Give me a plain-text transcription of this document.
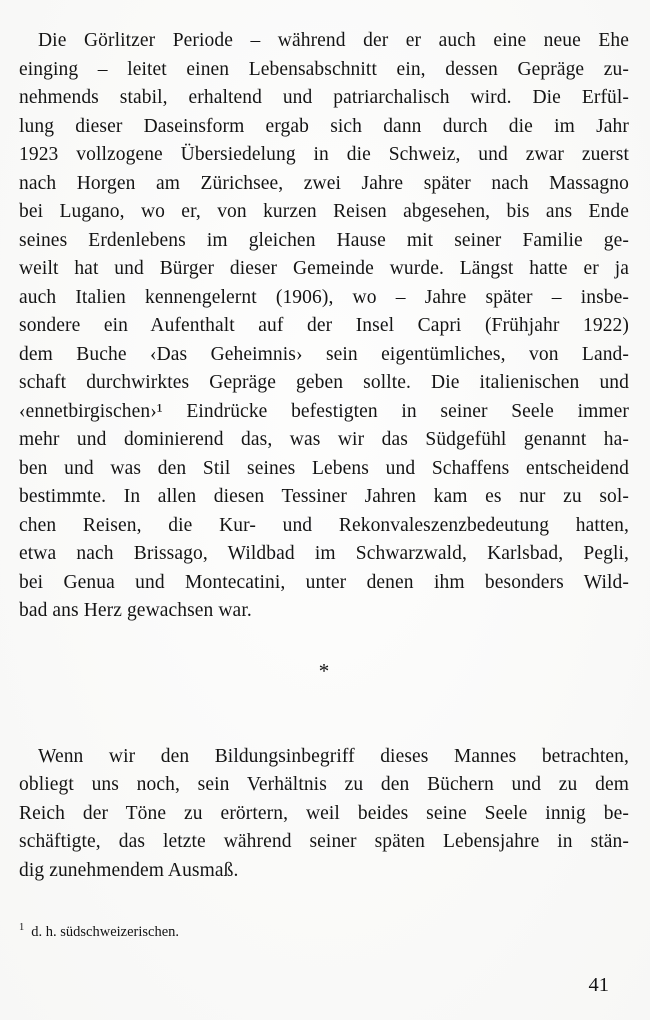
Die Görlitzer Periode – während der er auch eine neue Ehe
einging – leitet einen Lebensabschnitt ein, dessen Gepräge zu-
nehmends stabil, erhaltend und patriarchalisch wird. Die Erfül-
lung dieser Daseinsform ergab sich dann durch die im Jahr
1923 vollzogene Übersiedelung in die Schweiz, und zwar zuerst
nach Horgen am Zürichsee, zwei Jahre später nach Massagno
bei Lugano, wo er, von kurzen Reisen abgesehen, bis ans Ende
seines Erdenlebens im gleichen Hause mit seiner Familie ge-
weilt hat und Bürger dieser Gemeinde wurde. Längst hatte er ja
auch Italien kennengelernt (1906), wo – Jahre später – insbe-
sondere ein Aufenthalt auf der Insel Capri (Frühjahr 1922)
dem Buche ‹Das Geheimnis› sein eigentümliches, von Land-
schaft durchwirktes Gepräge geben sollte. Die italienischen und
‹ennetbirgischen›¹ Eindrücke befestigten in seiner Seele immer
mehr und dominierend das, was wir das Südgefühl genannt ha-
ben und was den Stil seines Lebens und Schaffens entscheidend
bestimmte. In allen diesen Tessiner Jahren kam es nur zu sol-
chen Reisen, die Kur- und Rekonvaleszenzbedeutung hatten,
etwa nach Brissago, Wildbad im Schwarzwald, Karlsbad, Pegli,
bei Genua und Montecatini, unter denen ihm besonders Wild-
bad ans Herz gewachsen war.
*
Wenn wir den Bildungsinbegriff dieses Mannes betrachten,
obliegt uns noch, sein Verhältnis zu den Büchern und zu dem
Reich der Töne zu erörtern, weil beides seine Seele innig be-
schäftigte, das letzte während seiner späten Lebensjahre in stän-
dig zunehmendem Ausmaß.
$^1$ d. h. südschweizerischen.
41
